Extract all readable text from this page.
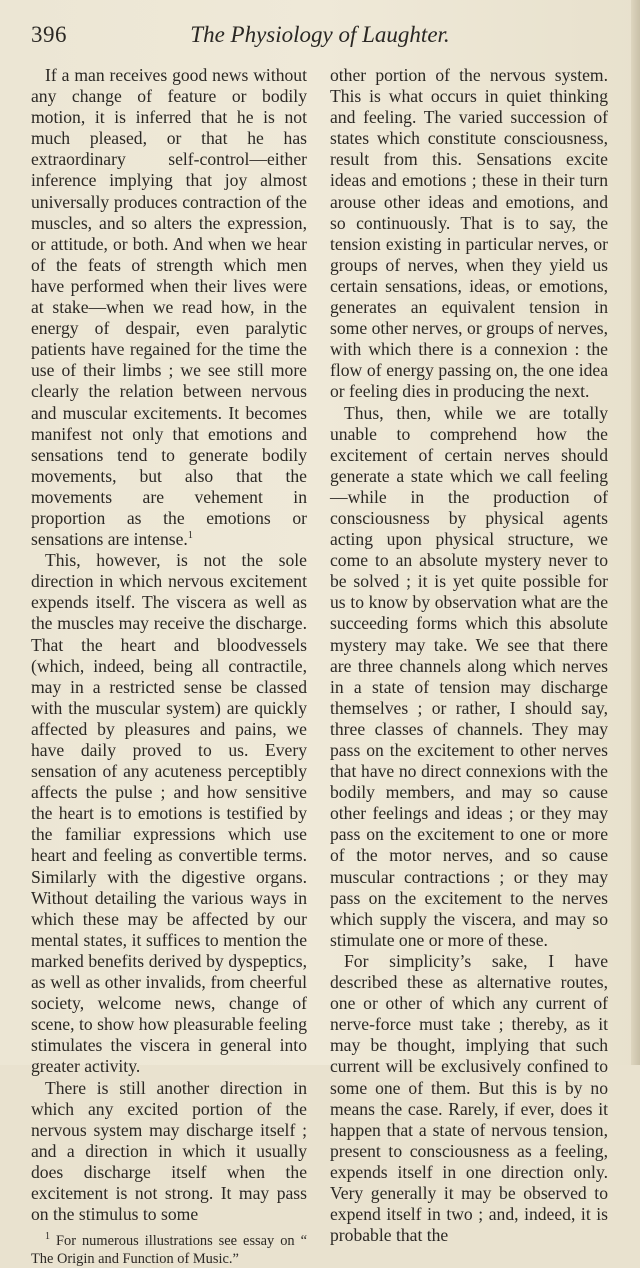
396	The Physiology of Laughter.

If a man receives good news without any change of feature or bodily motion, it is inferred that he is not much pleased, or that he has extraordinary self-control—either inference implying that joy almost universally produces contraction of the muscles, and so alters the expression, or attitude, or both. And when we hear of the feats of strength which men have performed when their lives were at stake—when we read how, in the energy of despair, even paralytic patients have regained for the time the use of their limbs ; we see still more clearly the relation between nervous and muscular excitements. It becomes manifest not only that emotions and sensations tend to generate bodily movements, but also that the movements are vehement in proportion as the emotions or sensations are intense.$^1$

This, however, is not the sole direction in which nervous excitement expends itself. The viscera as well as the muscles may receive the discharge. That the heart and bloodvessels (which, indeed, being all contractile, may in a restricted sense be classed with the muscular system) are quickly affected by pleasures and pains, we have daily proved to us. Every sensation of any acuteness perceptibly affects the pulse ; and how sensitive the heart is to emotions is testified by the familiar expressions which use heart and feeling as convertible terms. Similarly with the digestive organs. Without detailing the various ways in which these may be affected by our mental states, it suffices to mention the marked benefits derived by dyspeptics, as well as other invalids, from cheerful society, welcome news, change of scene, to show how pleasurable feeling stimulates the viscera in general into greater activity.

There is still another direction in which any excited portion of the nervous system may discharge itself ; and a direction in which it usually does discharge itself when the excitement is not strong. It may pass on the stimulus to some

$^1$ For numerous illustrations see essay on “ The Origin and Function of Music.”

other portion of the nervous system. This is what occurs in quiet thinking and feeling. The varied succession of states which constitute consciousness, result from this. Sensations excite ideas and emotions ; these in their turn arouse other ideas and emotions, and so continuously. That is to say, the tension existing in particular nerves, or groups of nerves, when they yield us certain sensations, ideas, or emotions, generates an equivalent tension in some other nerves, or groups of nerves, with which there is a connexion : the flow of energy passing on, the one idea or feeling dies in producing the next.

Thus, then, while we are totally unable to comprehend how the excitement of certain nerves should generate a state which we call feeling—while in the production of consciousness by physical agents acting upon physical structure, we come to an absolute mystery never to be solved ; it is yet quite possible for us to know by observation what are the succeeding forms which this absolute mystery may take. We see that there are three channels along which nerves in a state of tension may discharge themselves ; or rather, I should say, three classes of channels. They may pass on the excitement to other nerves that have no direct connexions with the bodily members, and may so cause other feelings and ideas ; or they may pass on the excitement to one or more of the motor nerves, and so cause muscular contractions ; or they may pass on the excitement to the nerves which supply the viscera, and may so stimulate one or more of these.

For simplicity’s sake, I have described these as alternative routes, one or other of which any current of nerve-force must take ; thereby, as it may be thought, implying that such current will be exclusively confined to some one of them. But this is by no means the case. Rarely, if ever, does it happen that a state of nervous tension, present to consciousness as a feeling, expends itself in one direction only. Very generally it may be observed to expend itself in two ; and, indeed, it is probable that the
